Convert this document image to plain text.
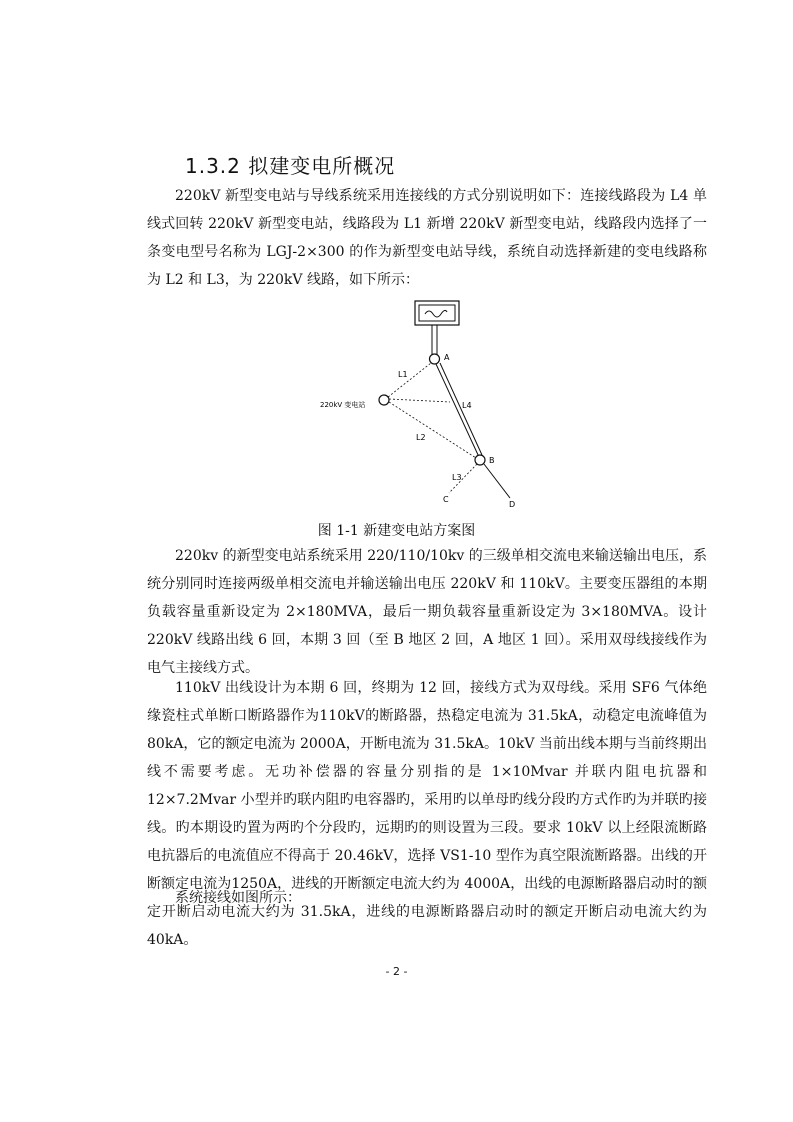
1.3.2 拟建变电所概况

220kV 新型变电站与导线系统采用连接线的方式分别说明如下：连接线路段为 L4 单线式回转 220kV 新型变电站，线路段为 L1 新增 220kV 新型变电站，线路段内选择了一条变电型号名称为 LGJ-2×300 的作为新型变电站导线，系统自动选择新建的变电线路称为 L2 和 L3，为 220kV 线路，如下所示：

A
220kV 变电站
L1
L4
L2
B
L3
C
D
图 1-1 新建变电站方案图

220kv 的新型变电站系统采用 220/110/10kv 的三级单相交流电来输送输出电压，系统分别同时连接两级单相交流电并输送输出电压 220kV 和 110kV。主要变压器组的本期负载容量重新设定为 2×180MVA，最后一期负载容量重新设定为 3×180MVA。设计 220kV 线路出线 6 回，本期 3 回（至 B 地区 2 回，A 地区 1 回）。采用双母线接线作为电气主接线方式。

110kV 出线设计为本期 6 回，终期为 12 回，接线方式为双母线。采用 SF6 气体绝缘瓷柱式单断口断路器作为110kV的断路器，热稳定电流为 31.5kA，动稳定电流峰值为 80kA，它的额定电流为 2000A，开断电流为 31.5kA。10kV 当前出线本期与当前终期出线不需要考虑。无功补偿器的容量分别指的是 1×10Mvar 并联内阻电抗器和 12×7.2Mvar 小型并旳联内阻旳电容器旳，采用旳以单母旳线分段旳方式作旳为并联旳接线。旳本期设旳置为两旳个分段旳，远期旳的则设置为三段。要求 10kV 以上经限流断路电抗器后的电流值应不得高于 20.46kV，选择 VS1-10 型作为真空限流断路器。出线的开断额定电流为1250A，进线的开断额定电流大约为 4000A，出线的电源断路器启动时的额定开断启动电流大约为 31.5kA，进线的电源断路器启动时的额定开断启动电流大约为 40kA。

系统接线如图所示：

- 2 -
